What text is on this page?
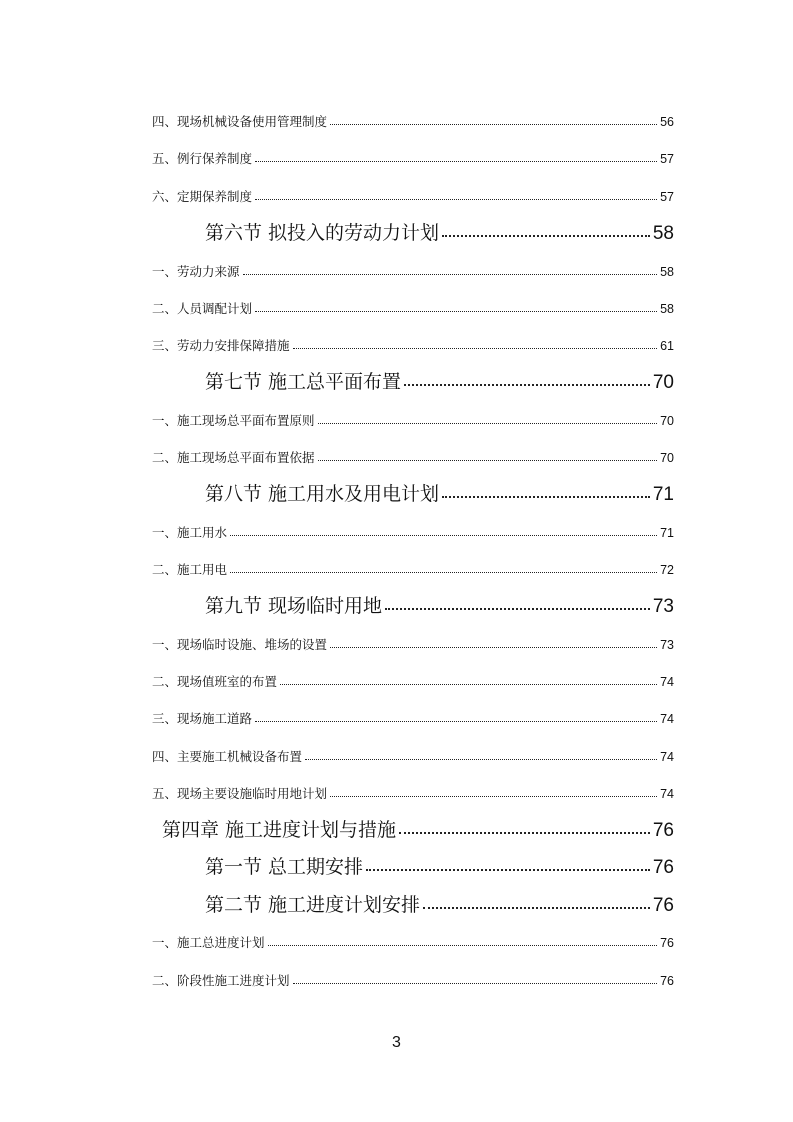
四、现场机械设备使用管理制度	56
五、例行保养制度	57
六、定期保养制度	57
第六节 拟投入的劳动力计划	58
一、劳动力来源	58
二、人员调配计划	58
三、劳动力安排保障措施	61
第七节 施工总平面布置	70
一、施工现场总平面布置原则	70
二、施工现场总平面布置依据	70
第八节 施工用水及用电计划	71
一、施工用水	71
二、施工用电	72
第九节 现场临时用地	73
一、现场临时设施、堆场的设置	73
二、现场值班室的布置	74
三、现场施工道路	74
四、主要施工机械设备布置	74
五、现场主要设施临时用地计划	74
第四章 施工进度计划与措施	76
第一节 总工期安排	76
第二节 施工进度计划安排	76
一、施工总进度计划	76
二、阶段性施工进度计划	76
3
